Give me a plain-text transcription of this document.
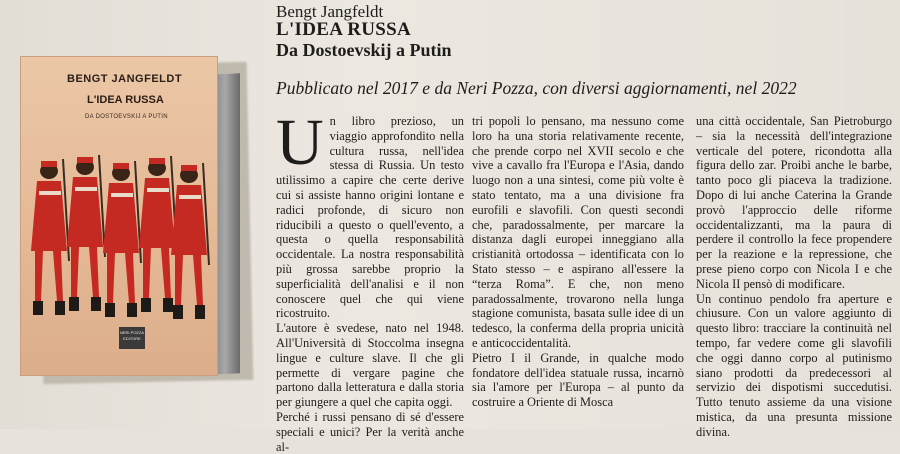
BENGT JANGFELDT
L'IDEA RUSSA
DA DOSTOEVSKIJ A PUTIN
NERI POZZA EDITORE
Bengt Jangfeldt
L'IDEA RUSSA
Da Dostoevskij a Putin
Pubblicato nel 2017 e da Neri Pozza, con diversi aggiornamenti, nel 2022

Un libro prezioso, un viaggio approfondito nella cultura russa, nell'idea stessa di Russia. Un testo utilissimo a capire che certe derive cui si assiste hanno origini lontane e radici profonde, di sicuro non riducibili a questo o quell'evento, a questa o quella responsabilità occidentale. La nostra responsabilità più grossa sarebbe proprio la superficialità dell'analisi e il non conoscere quel che qui viene ricostruito.

L'autore è svedese, nato nel 1948. All'Università di Stoccolma insegna lingue e culture slave. Il che gli permette di vergare pagine che partono dalla letteratura e dalla storia per giungere a quel che capita oggi.

Perché i russi pensano di sé d'essere speciali e unici? Per la verità anche al-

tri popoli lo pensano, ma nessuno come loro ha una storia relativamente recente, che prende corpo nel XVII secolo e che vive a cavallo fra l'Europa e l'Asia, dando luogo non a una sintesi, come più volte è stato tentato, ma a una divisione fra eurofili e slavofili. Con questi secondi che, paradossalmente, per marcare la distanza dagli europei inneggiano alla cristianità ortodossa – identificata con lo Stato stesso – e aspirano all'essere la “terza Roma”. E che, non meno paradossalmente, trovarono nella lunga stagione comunista, basata sulle idee di un tedesco, la conferma della propria unicità e anticoccidentalità.

Pietro I il Grande, in qualche modo fondatore dell'idea statuale russa, incarnò sia l'amore per l'Europa – al punto da costruire a Oriente di Mosca

una città occidentale, San Pietroburgo – sia la necessità dell'integrazione verticale del potere, ricondotta alla figura dello zar. Proibì anche le barbe, tanto poco gli piaceva la tradizione. Dopo di lui anche Caterina la Grande provò l'approccio delle riforme occidentalizzanti, ma la paura di perdere il controllo la fece propendere per la reazione e la repressione, che prese pieno corpo con Nicola I e che Nicola II pensò di modificare.

Un continuo pendolo fra aperture e chiusure. Con un valore aggiunto di questo libro: tracciare la continuità nel tempo, far vedere come gli slavofili che oggi danno corpo al putinismo siano prodotti da predecessori al servizio dei dispotismi succedutisi. Tutto tenuto assieme da una visione mistica, da una presunta missione divina.
